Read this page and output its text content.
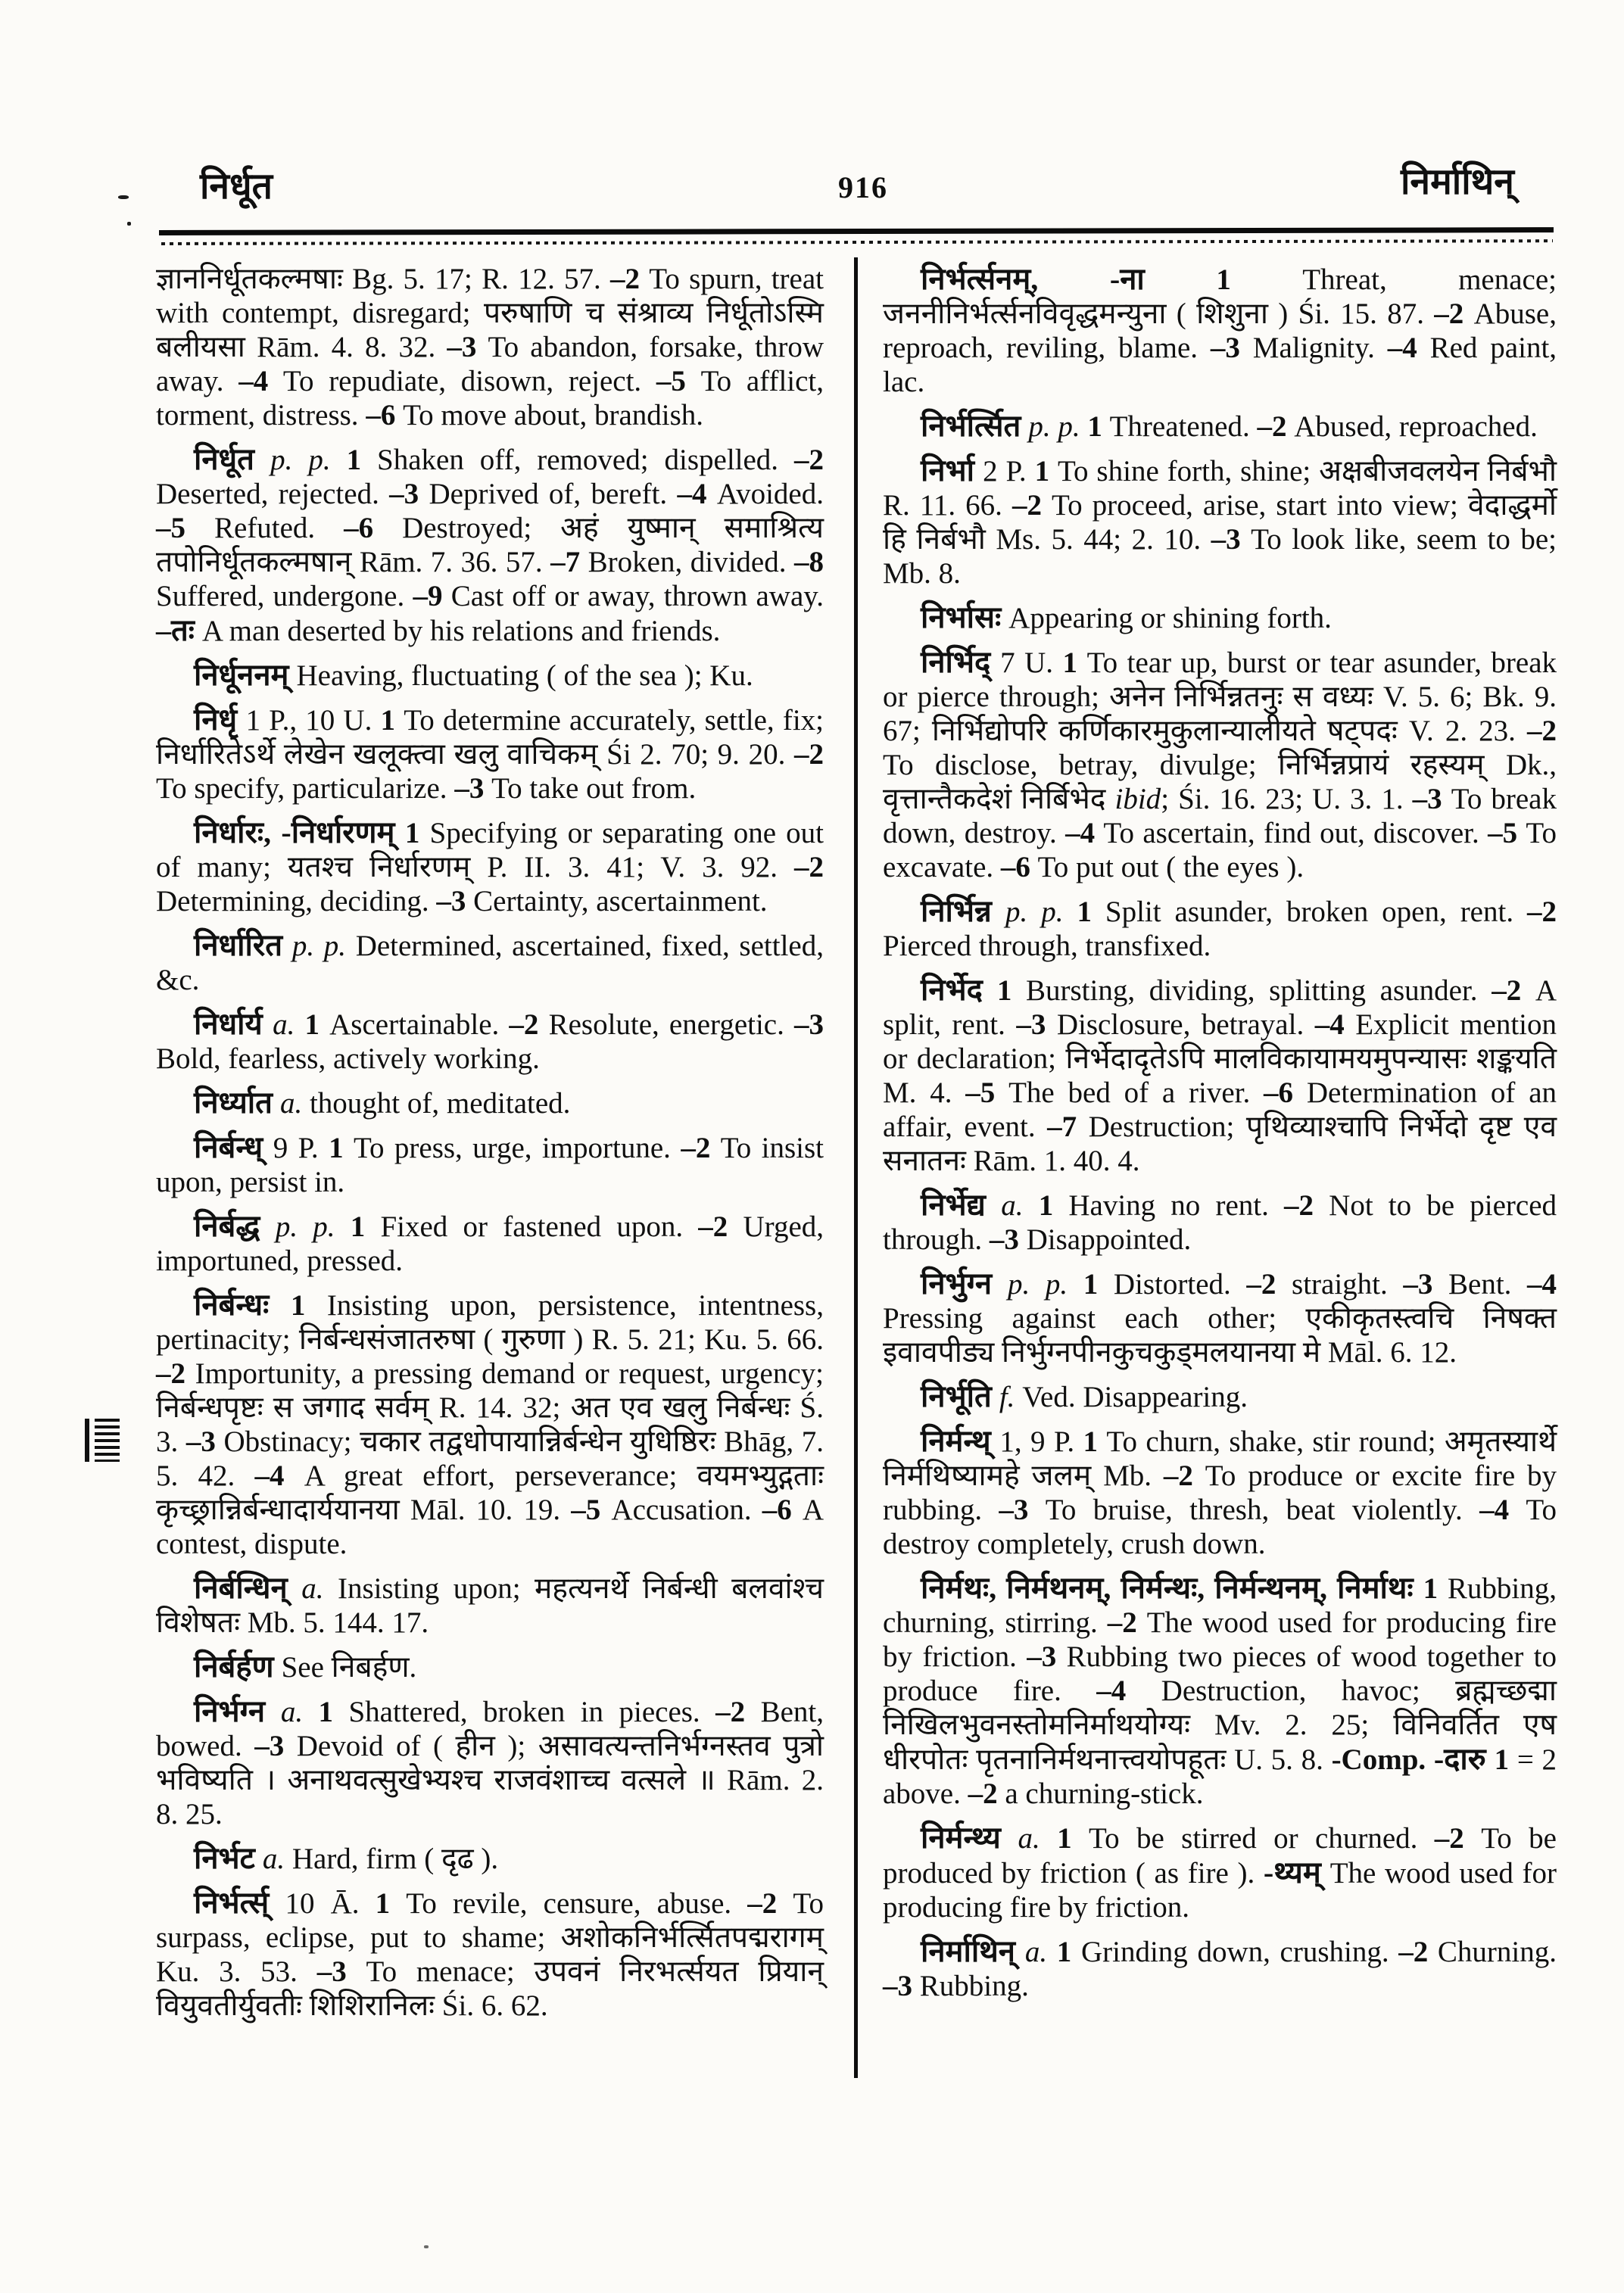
निर्धूत	916	निर्माथिन्

ज्ञाननिर्धूतकल्मषाः Bg. 5. 17; R. 12. 57. –2 To spurn, treat with contempt, disregard; परुषाणि च संश्राव्य निर्धूतोऽस्मि बलीयसा Rām. 4. 8. 32. –3 To abandon, forsake, throw away. –4 To repudiate, disown, reject. –5 To afflict, torment, distress. –6 To move about, brandish.

निर्धूत p. p. 1 Shaken off, removed; dispelled. –2 Deserted, rejected. –3 Deprived of, bereft. –4 Avoided. –5 Refuted. –6 Destroyed; अहं युष्मान् समाश्रित्य तपोनिर्धूतकल्मषान् Rām. 7. 36. 57. –7 Broken, divided. –8 Suffered, undergone. –9 Cast off or away, thrown away. –तः A man deserted by his relations and friends.

निर्धूननम् Heaving, fluctuating ( of the sea ); Ku.

निर्धृ 1 P., 10 U. 1 To determine accurately, settle, fix; निर्धारितेऽर्थे लेखेन खलूक्त्वा खलु वाचिकम् Śi 2. 70; 9. 20. –2 To specify, particularize. –3 To take out from.

निर्धारः, -निर्धारणम् 1 Specifying or separating one out of many; यतश्च निर्धारणम् P. II. 3. 41; V. 3. 92. –2 Determining, deciding. –3 Certainty, ascertainment.

निर्धारित p. p. Determined, ascertained, fixed, settled, &c.

निर्धार्य a. 1 Ascertainable. –2 Resolute, energetic. –3 Bold, fearless, actively working.

निर्ध्यात a. thought of, meditated.

निर्बन्ध् 9 P. 1 To press, urge, importune. –2 To insist upon, persist in.

निर्बद्ध p. p. 1 Fixed or fastened upon. –2 Urged, importuned, pressed.

निर्बन्धः 1 Insisting upon, persistence, intentness, pertinacity; निर्बन्धसंजातरुषा ( गुरुणा ) R. 5. 21; Ku. 5. 66. –2 Importunity, a pressing demand or request, urgency; निर्बन्धपृष्टः स जगाद सर्वम् R. 14. 32; अत एव खलु निर्बन्धः Ś. 3. –3 Obstinacy; चकार तद्वधोपायान्निर्बन्धेन युधिष्ठिरः Bhāg, 7. 5. 42. –4 A great effort, perseverance; वयमभ्युद्गताः कृच्छ्रान्निर्बन्धादार्ययानया Māl. 10. 19. –5 Accusation. –6 A contest, dispute.

निर्बन्धिन् a. Insisting upon; महत्यनर्थे निर्बन्धी बलवांश्च विशेषतः Mb. 5. 144. 17.

निर्बर्हण See निबर्हण.

निर्भग्न a. 1 Shattered, broken in pieces. –2 Bent, bowed. –3 Devoid of ( हीन ); असावत्यन्तनिर्भग्नस्तव पुत्रो भविष्यति । अनाथवत्सुखेभ्यश्च राजवंशाच्च वत्सले ॥ Rām. 2. 8. 25.

निर्भट a. Hard, firm ( दृढ ).

निर्भर्त्स् 10 Ā. 1 To revile, censure, abuse. –2 To surpass, eclipse, put to shame; अशोकनिर्भर्त्सितपद्मरागम् Ku. 3. 53. –3 To menace; उपवनं निरभर्त्सयत प्रियान् वियुवतीर्युवतीः शिशिरानिलः Śi. 6. 62.

निर्भर्त्सनम्, -ना 1 Threat, menace; जननीनिर्भर्त्सनविवृद्धमन्युना ( शिशुना ) Śi. 15. 87. –2 Abuse, reproach, reviling, blame. –3 Malignity. –4 Red paint, lac.

निर्भर्त्सित p. p. 1 Threatened. –2 Abused, reproached.

निर्भा 2 P. 1 To shine forth, shine; अक्षबीजवलयेन निर्बभौ R. 11. 66. –2 To proceed, arise, start into view; वेदाद्धर्मो हि निर्बभौ Ms. 5. 44; 2. 10. –3 To look like, seem to be; Mb. 8.

निर्भासः Appearing or shining forth.

निर्भिद् 7 U. 1 To tear up, burst or tear asunder, break or pierce through; अनेन निर्भिन्नतनुः स वध्यः V. 5. 6; Bk. 9. 67; निर्भिद्योपरि कर्णिकारमुकुलान्यालीयते षट्पदः V. 2. 23. –2 To disclose, betray, divulge; निर्भिन्नप्रायं रहस्यम् Dk., वृत्तान्तैकदेशं निर्बिभेद ibid; Śi. 16. 23; U. 3. 1. –3 To break down, destroy. –4 To ascertain, find out, discover. –5 To excavate. –6 To put out ( the eyes ).

निर्भिन्न p. p. 1 Split asunder, broken open, rent. –2 Pierced through, transfixed.

निर्भेद 1 Bursting, dividing, splitting asunder. –2 A split, rent. –3 Disclosure, betrayal. –4 Explicit mention or declaration; निर्भेदादृतेऽपि मालविकायामयमुपन्यासः शङ्कयति M. 4. –5 The bed of a river. –6 Determination of an affair, event. –7 Destruction; पृथिव्याश्चापि निर्भेदो दृष्ट एव सनातनः Rām. 1. 40. 4.

निर्भेद्य a. 1 Having no rent. –2 Not to be pierced through. –3 Disappointed.

निर्भुग्न p. p. 1 Distorted. –2 straight. –3 Bent. –4 Pressing against each other; एकीकृतस्त्वचि निषक्त इवावपीड्य निर्भुग्नपीनकुचकुड्मलयानया मे Māl. 6. 12.

निर्भूति f. Ved. Disappearing.

निर्मन्थ् 1, 9 P. 1 To churn, shake, stir round; अमृतस्यार्थे निर्मथिष्यामहे जलम् Mb. –2 To produce or excite fire by rubbing. –3 To bruise, thresh, beat violently. –4 To destroy completely, crush down.

निर्मथः, निर्मथनम्, निर्मन्थः, निर्मन्थनम्, निर्माथः 1 Rubbing, churning, stirring. –2 The wood used for producing fire by friction. –3 Rubbing two pieces of wood together to produce fire. –4 Destruction, havoc; ब्रह्मच्छद्मा निखिलभुवनस्तोमनिर्माथयोग्यः Mv. 2. 25; विनिवर्तित एष धीरपोतः पृतनानिर्मथनात्त्वयोपहूतः U. 5. 8. -Comp. -दारु 1 = 2 above. –2 a churning-stick.

निर्मन्थ्य a. 1 To be stirred or churned. –2 To be produced by friction ( as fire ). -थ्यम् The wood used for producing fire by friction.

निर्माथिन् a. 1 Grinding down, crushing. –2 Churning. –3 Rubbing.
